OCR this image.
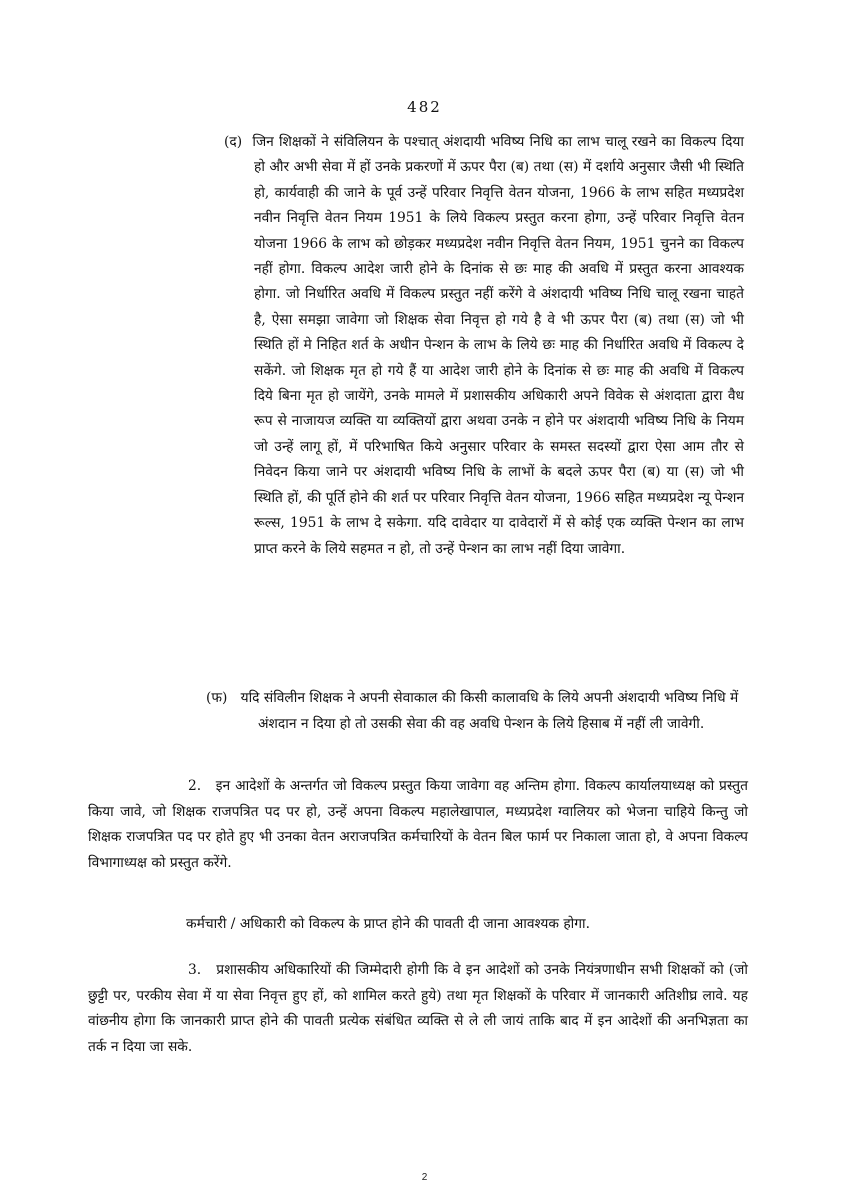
482

(द) जिन शिक्षकों ने संविलियन के पश्चात् अंशदायी भविष्य निधि का लाभ चालू रखने का विकल्प दिया हो और अभी सेवा में हों उनके प्रकरणों में ऊपर पैरा (ब) तथा (स) में दर्शाये अनुसार जैसी भी स्थिति हो, कार्यवाही की जाने के पूर्व उन्हें परिवार निवृत्ति वेतन योजना, 1966 के लाभ सहित मध्यप्रदेश नवीन निवृत्ति वेतन नियम 1951 के लिये विकल्प प्रस्तुत करना होगा, उन्हें परिवार निवृत्ति वेतन योजना 1966 के लाभ को छोड़कर मध्यप्रदेश नवीन निवृत्ति वेतन नियम, 1951 चुनने का विकल्प नहीं होगा. विकल्प आदेश जारी होने के दिनांक से छः माह की अवधि में प्रस्तुत करना आवश्यक होगा. जो निर्धारित अवधि में विकल्प प्रस्तुत नहीं करेंगे वे अंशदायी भविष्य निधि चालू रखना चाहते है, ऐसा समझा जावेगा जो शिक्षक सेवा निवृत्त हो गये है वे भी ऊपर पैरा (ब) तथा (स) जो भी स्थिति हों मे निहित शर्त के अधीन पेन्शन के लाभ के लिये छः माह की निर्धारित अवधि में विकल्प दे सकेंगे. जो शिक्षक मृत हो गये हैं या आदेश जारी होने के दिनांक से छः माह की अवधि में विकल्प दिये बिना मृत हो जायेंगे, उनके मामले में प्रशासकीय अधिकारी अपने विवेक से अंशदाता द्वारा वैध रूप से नाजायज व्यक्ति या व्यक्तियों द्वारा अथवा उनके न होने पर अंशदायी भविष्य निधि के नियम जो उन्हें लागू हों, में परिभाषित किये अनुसार परिवार के समस्त सदस्यों द्वारा ऐसा आम तौर से निवेदन किया जाने पर अंशदायी भविष्य निधि के लाभों के बदले ऊपर पैरा (ब) या (स) जो भी स्थिति हों, की पूर्ति होने की शर्त पर परिवार निवृत्ति वेतन योजना, 1966 सहित मध्यप्रदेश न्यू पेन्शन रूल्स, 1951 के लाभ दे सकेगा. यदि दावेदार या दावेदारों में से कोई एक व्यक्ति पेन्शन का लाभ प्राप्त करने के लिये सहमत न हो, तो उन्हें पेन्शन का लाभ नहीं दिया जावेगा.

(फ) यदि संविलीन शिक्षक ने अपनी सेवाकाल की किसी कालावधि के लिये अपनी अंशदायी भविष्य निधि में अंशदान न दिया हो तो उसकी सेवा की वह अवधि पेन्शन के लिये हिसाब में नहीं ली जावेगी.

2. इन आदेशों के अन्तर्गत जो विकल्प प्रस्तुत किया जावेगा वह अन्तिम होगा. विकल्प कार्यालयाध्यक्ष को प्रस्तुत किया जावे, जो शिक्षक राजपत्रित पद पर हो, उन्हें अपना विकल्प महालेखापाल, मध्यप्रदेश ग्वालियर को भेजना चाहिये किन्तु जो शिक्षक राजपत्रित पद पर होते हुए भी उनका वेतन अराजपत्रित कर्मचारियों के वेतन बिल फार्म पर निकाला जाता हो, वे अपना विकल्प विभागाध्यक्ष को प्रस्तुत करेंगे.

कर्मचारी / अधिकारी को विकल्प के प्राप्त होने की पावती दी जाना आवश्यक होगा.

3. प्रशासकीय अधिकारियों की जिम्मेदारी होगी कि वे इन आदेशों को उनके नियंत्रणाधीन सभी शिक्षकों को (जो छुट्टी पर, परकीय सेवा में या सेवा निवृत्त हुए हों, को शामिल करते हुये) तथा मृत शिक्षकों के परिवार में जानकारी अतिशीघ्र लावे. यह वांछनीय होगा कि जानकारी प्राप्त होने की पावती प्रत्येक संबंधित व्यक्ति से ले ली जायं ताकि बाद में इन आदेशों की अनभिज्ञता का तर्क न दिया जा सके.

2
